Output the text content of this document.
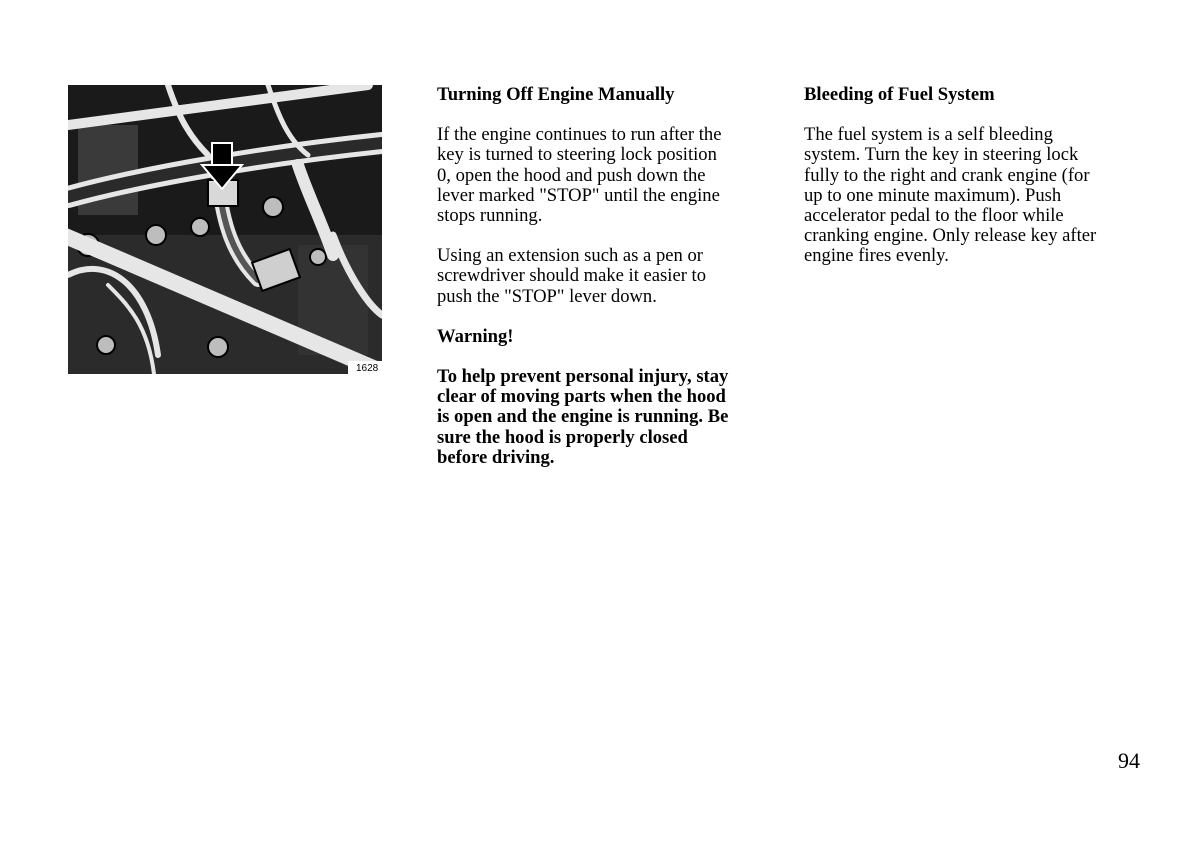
1628
Turning Off Engine Manually
If the engine continues to run after the
key is turned to steering lock position
0, open the hood and push down the
lever marked "STOP" until the engine
stops running.
Using an extension such as a pen or
screwdriver should make it easier to
push the "STOP" lever down.
Warning!
To help prevent personal injury, stay
clear of moving parts when the hood
is open and the engine is running. Be
sure the hood is properly closed
before driving.
Bleeding of Fuel System
The fuel system is a self bleeding
system. Turn the key in steering lock
fully to the right and crank engine (for
up to one minute maximum). Push
accelerator pedal to the floor while
cranking engine. Only release key after
engine fires evenly.
94
